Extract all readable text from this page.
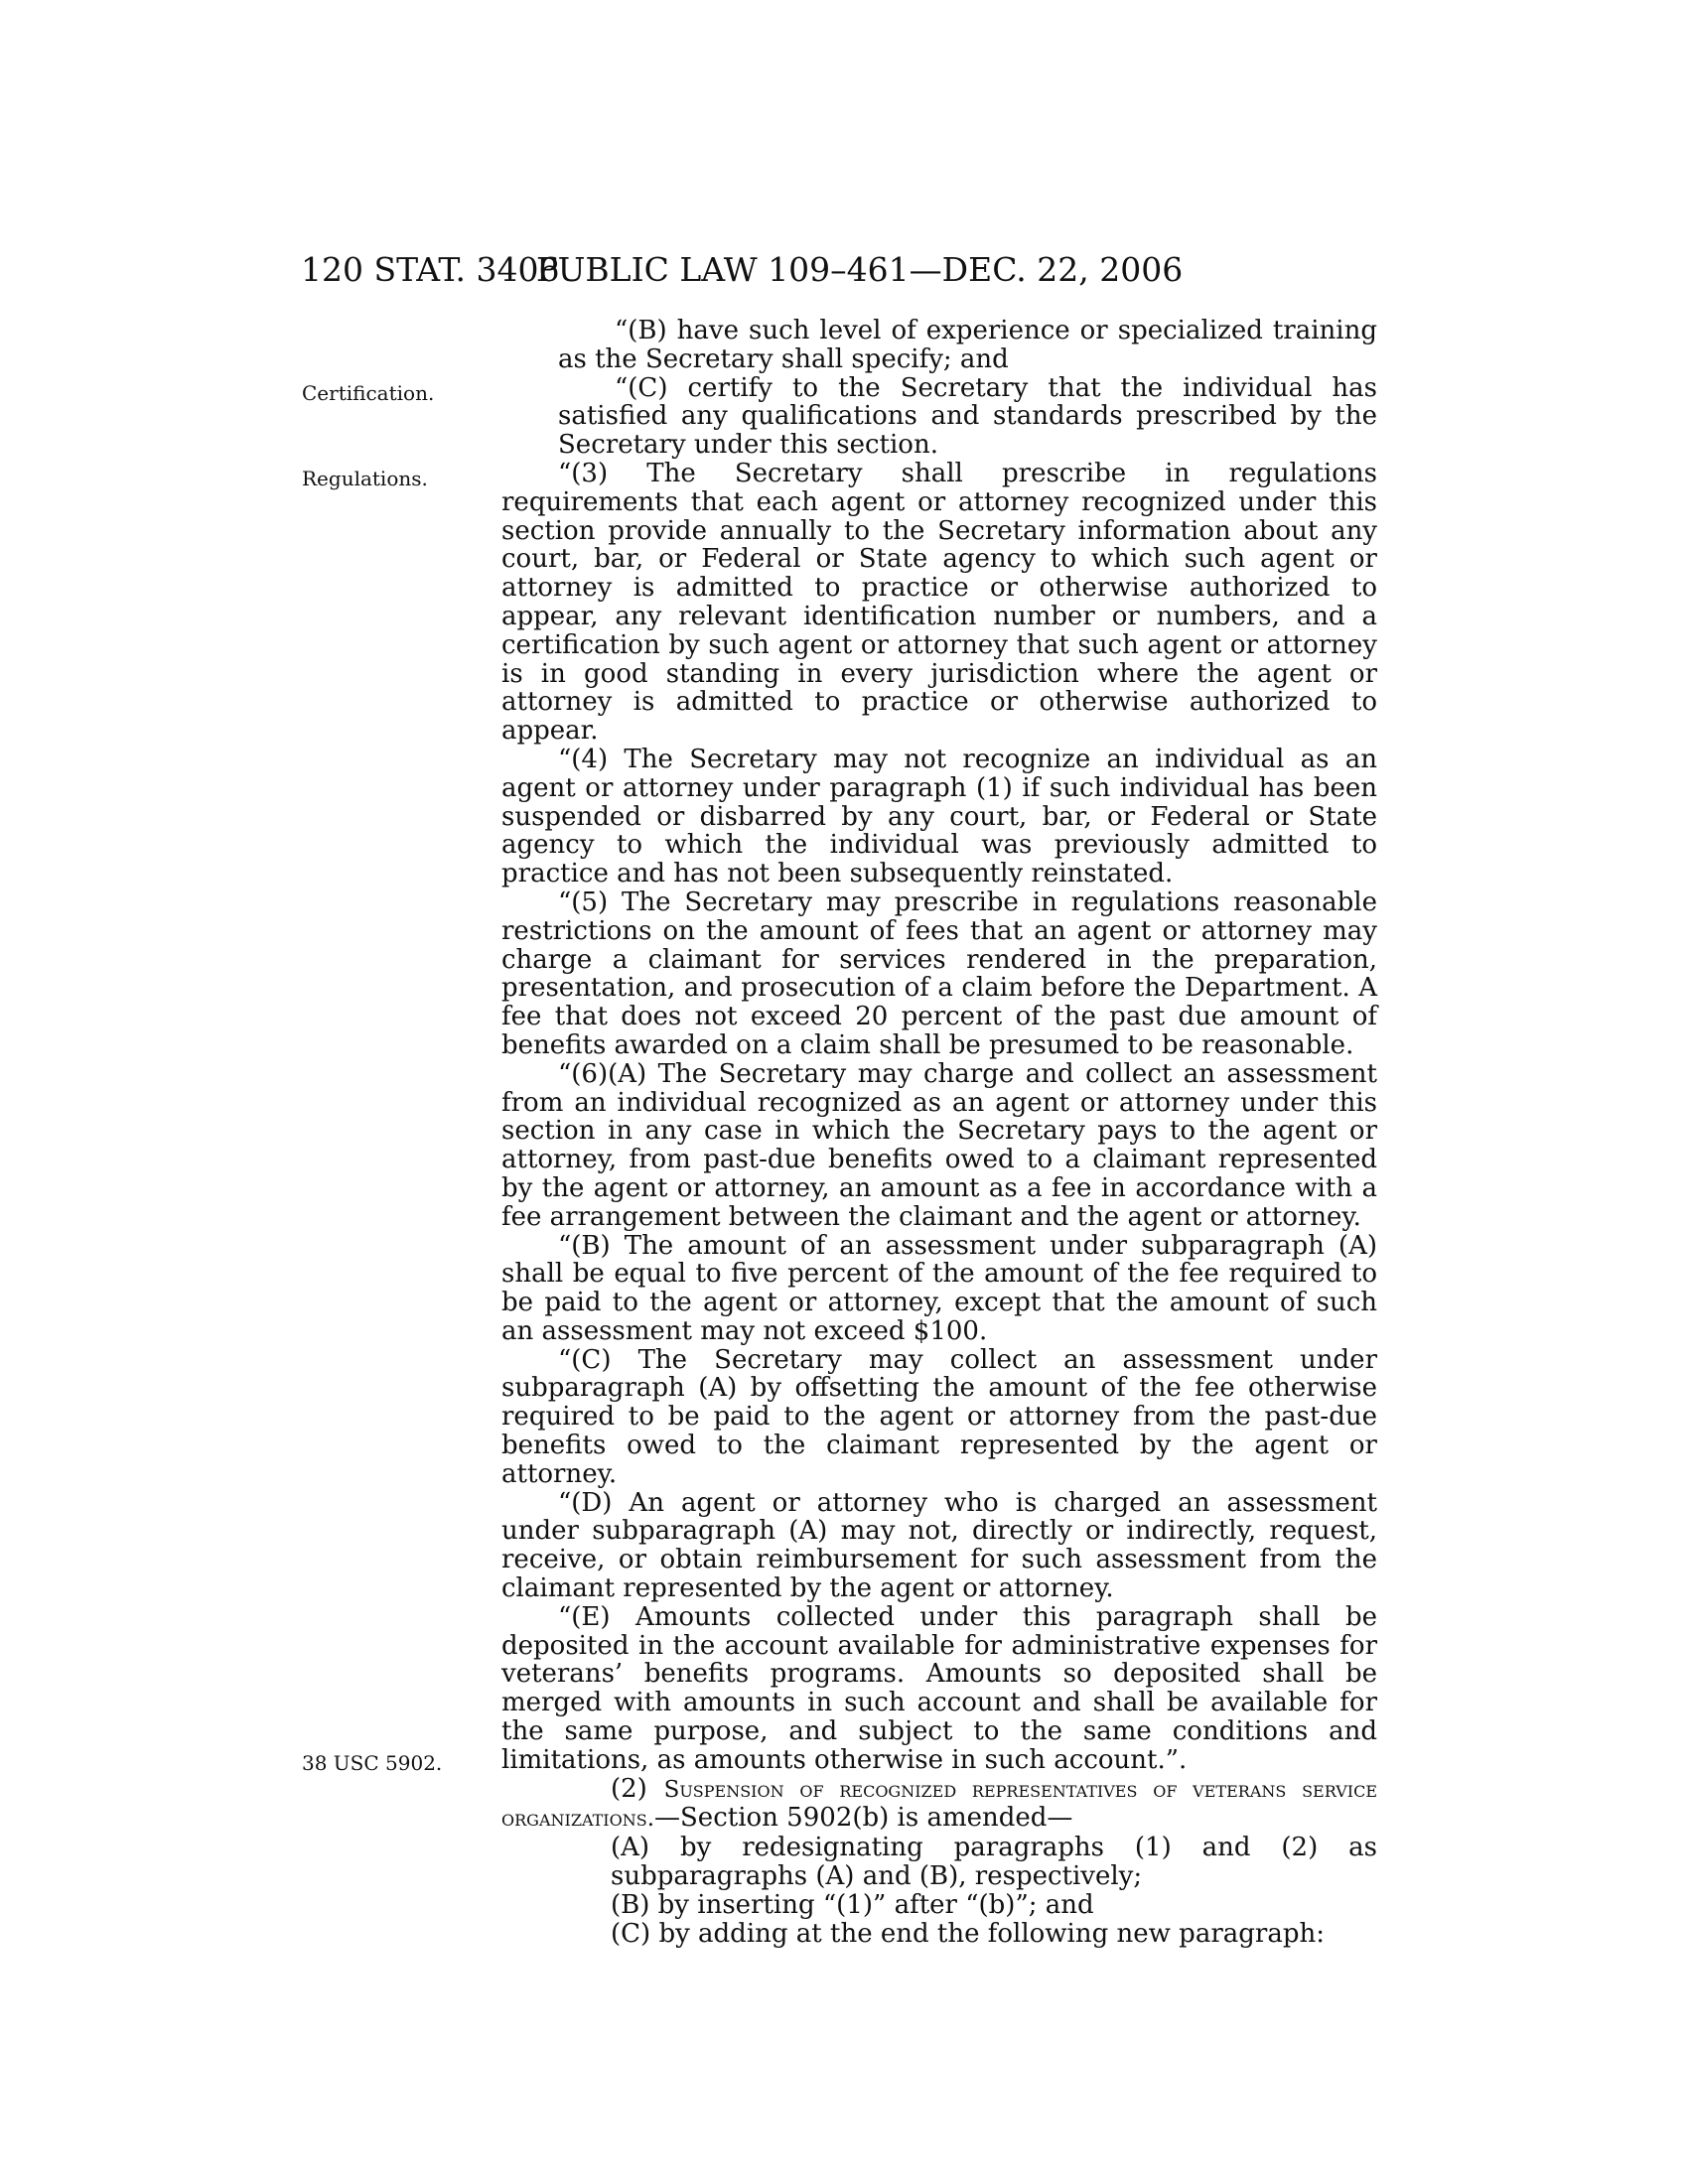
120 STAT. 3406
PUBLIC LAW 109–461—DEC. 22, 2006
Certification.
Regulations.
38 USC 5902.

“(B) have such level of experience or specialized training as the Secretary shall specify; and

“(C) certify to the Secretary that the individual has satisfied any qualifications and standards prescribed by the Secretary under this section.

“(3) The Secretary shall prescribe in regulations requirements that each agent or attorney recognized under this section provide annually to the Secretary information about any court, bar, or Federal or State agency to which such agent or attorney is admitted to practice or otherwise authorized to appear, any relevant identification number or numbers, and a certification by such agent or attorney that such agent or attorney is in good standing in every jurisdiction where the agent or attorney is admitted to practice or otherwise authorized to appear.

“(4) The Secretary may not recognize an individual as an agent or attorney under paragraph (1) if such individual has been suspended or disbarred by any court, bar, or Federal or State agency to which the individual was previously admitted to practice and has not been subsequently reinstated.

“(5) The Secretary may prescribe in regulations reasonable restrictions on the amount of fees that an agent or attorney may charge a claimant for services rendered in the preparation, presentation, and prosecution of a claim before the Department. A fee that does not exceed 20 percent of the past due amount of benefits awarded on a claim shall be presumed to be reasonable.

“(6)(A) The Secretary may charge and collect an assessment from an individual recognized as an agent or attorney under this section in any case in which the Secretary pays to the agent or attorney, from past-due benefits owed to a claimant represented by the agent or attorney, an amount as a fee in accordance with a fee arrangement between the claimant and the agent or attorney.

“(B) The amount of an assessment under subparagraph (A) shall be equal to five percent of the amount of the fee required to be paid to the agent or attorney, except that the amount of such an assessment may not exceed $100.

“(C) The Secretary may collect an assessment under subparagraph (A) by offsetting the amount of the fee otherwise required to be paid to the agent or attorney from the past-due benefits owed to the claimant represented by the agent or attorney.

“(D) An agent or attorney who is charged an assessment under subparagraph (A) may not, directly or indirectly, request, receive, or obtain reimbursement for such assessment from the claimant represented by the agent or attorney.

“(E) Amounts collected under this paragraph shall be deposited in the account available for administrative expenses for veterans’ benefits programs. Amounts so deposited shall be merged with amounts in such account and shall be available for the same purpose, and subject to the same conditions and limitations, as amounts otherwise in such account.”.

(2) Suspension of recognized representatives of veterans service organizations.—Section 5902(b) is amended—

(A) by redesignating paragraphs (1) and (2) as subparagraphs (A) and (B), respectively;

(B) by inserting “(1)” after “(b)”; and

(C) by adding at the end the following new paragraph:
